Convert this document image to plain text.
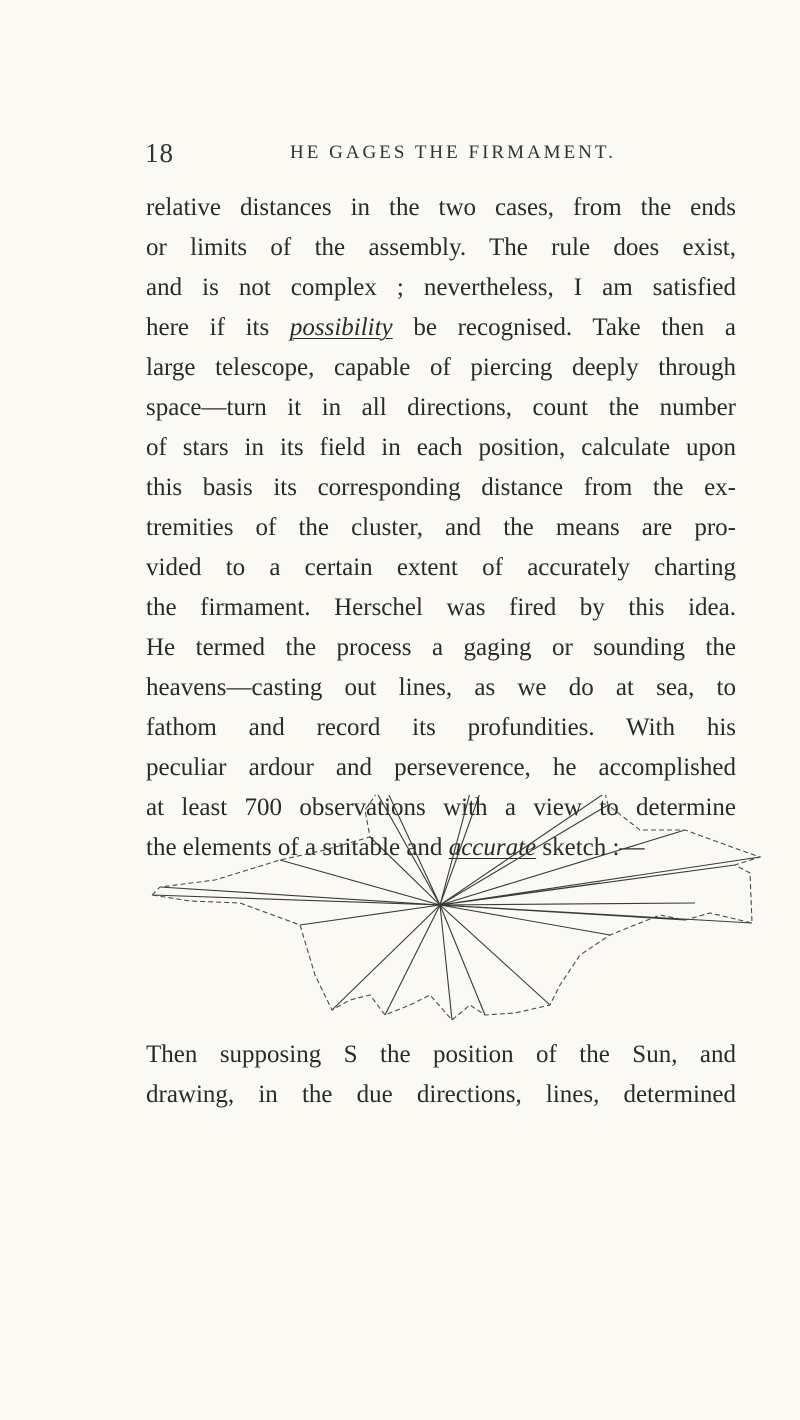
18	HE GAGES THE FIRMAMENT.
relative distances in the two cases, from the ends
or limits of the assembly. The rule does exist,
and is not complex ; nevertheless, I am satisfied
here if its possibility be recognised. Take then a
large telescope, capable of piercing deeply through
space—turn it in all directions, count the number
of stars in its field in each position, calculate upon
this basis its corresponding distance from the ex-
tremities of the cluster, and the means are pro-
vided to a certain extent of accurately charting
the firmament. Herschel was fired by this idea.
He termed the process a gaging or sounding the
heavens—casting out lines, as we do at sea, to
fathom and record its profundities. With his
peculiar ardour and perseverence, he accomplished
at least 700 observations with a view to determine
the elements of a suitable and accurate sketch :—
Then supposing S the position of the Sun, and
drawing, in the due directions, lines, determined
